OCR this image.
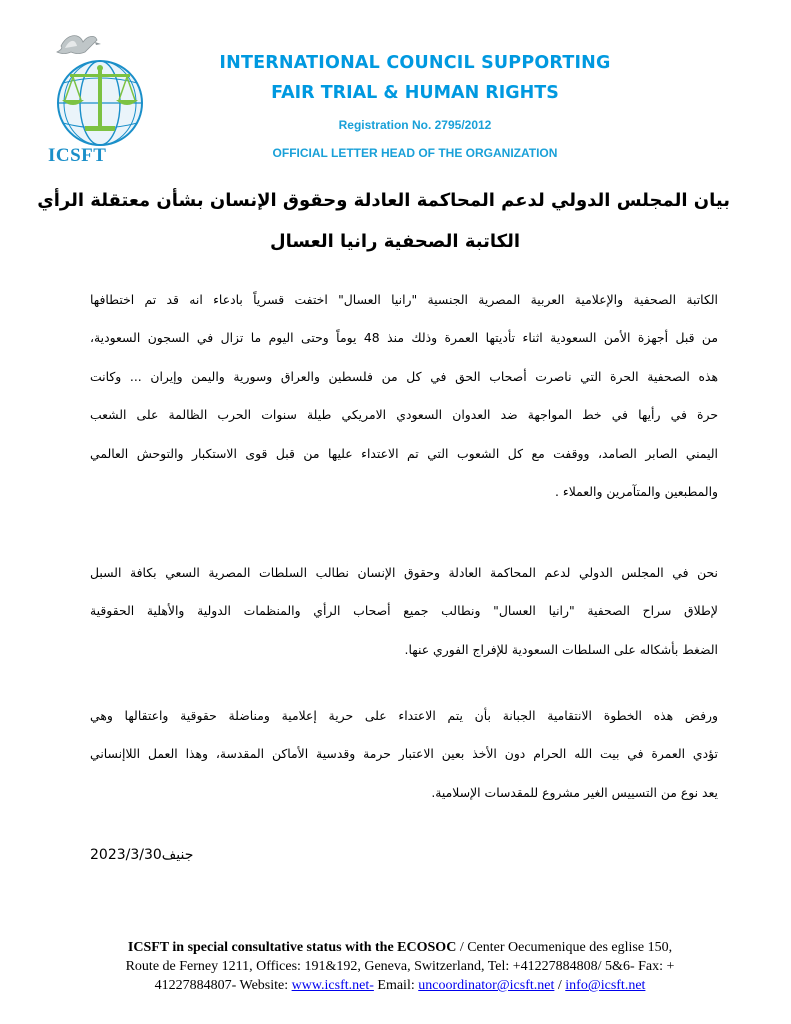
ICSFT
INTERNATIONAL COUNCIL SUPPORTING
FAIR TRIAL & HUMAN RIGHTS
Registration No. 2795/2012
OFFICIAL LETTER HEAD OF THE ORGANIZATION
بيان المجلس الدولي لدعم المحاكمة العادلة وحقوق الإنسان بشأن معتقلة الرأي
الكاتبة الصحفية رانيا العسال
الكاتبة الصحفية والإعلامية العربية المصرية الجنسية "رانيا العسال" اختفت قسرياً بادعاء انه قد تم اختطافها
من قبل أجهزة الأمن السعودية اثناء تأديتها العمرة وذلك منذ 48 يوماً وحتى اليوم ما تزال في السجون السعودية،
هذه الصحفية الحرة التي ناصرت أصحاب الحق في كل من فلسطين والعراق وسورية واليمن وإيران ... وكانت
حرة في رأيها في خط المواجهة ضد العدوان السعودي الامريكي طيلة سنوات الحرب الظالمة على الشعب
اليمني الصابر الصامد، ووقفت مع كل الشعوب التي تم الاعتداء عليها من قبل قوى الاستكبار والتوحش العالمي
والمطبعين والمتآمرين والعملاء .
نحن في المجلس الدولي لدعم المحاكمة العادلة وحقوق الإنسان نطالب السلطات المصرية السعي بكافة السبل
لإطلاق سراح الصحفية "رانيا العسال" ونطالب جميع أصحاب الرأي والمنظمات الدولية والأهلية الحقوقية
الضغط بأشكاله على السلطات السعودية للإفراج الفوري عنها.
ورفض هذه الخطوة الانتقامية الجبانة بأن يتم الاعتداء على حرية إعلامية ومناضلة حقوقية واعتقالها وهي
تؤدي العمرة في بيت الله الحرام دون الأخذ بعين الاعتبار حرمة وقدسية الأماكن المقدسة، وهذا العمل اللاإنساني
يعد نوع من التسييس الغير مشروع للمقدسات الإسلامية.
جنيف2023/3/30
ICSFT in special consultative status with the ECOSOC / Center Oecumenique des eglise 150,
Route de Ferney 1211, Offices: 191&192, Geneva, Switzerland, Tel: +41227884808/ 5&6- Fax: +
41227884807- Website: www.icsft.net- Email: uncoordinator@icsft.net / info@icsft.net
